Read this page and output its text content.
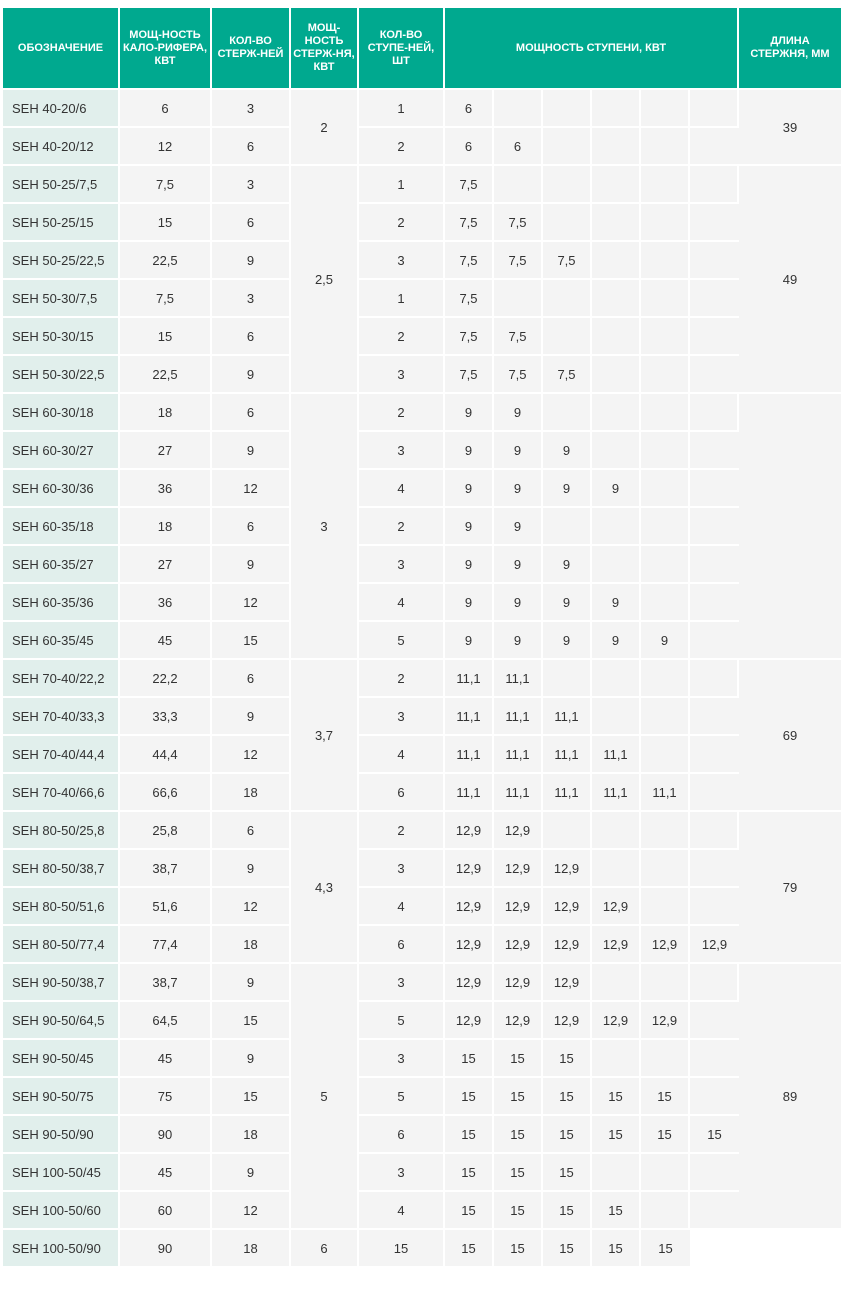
ОБОЗНАЧЕНИЕ	МОЩ-НОСТЬ КАЛО-РИФЕРА, КВТ	КОЛ-ВО СТЕРЖ-НЕЙ	МОЩ-НОСТЬ СТЕРЖ-НЯ, КВТ	КОЛ-ВО СТУПЕ-НЕЙ, ШТ	МОЩНОСТЬ СТУПЕНИ, КВТ						ДЛИНА СТЕРЖНЯ, ММ
SEH 40-20/6	6	3	2	1	6						39
SEH 40-20/12	12	6		2	6	6					
SEH 50-25/7,5	7,5	3	2,5	1	7,5						49
SEH 50-25/15	15	6		2	7,5	7,5					
SEH 50-25/22,5	22,5	9		3	7,5	7,5	7,5				
SEH 50-30/7,5	7,5	3		1	7,5						
SEH 50-30/15	15	6		2	7,5	7,5					
SEH 50-30/22,5	22,5	9		3	7,5	7,5	7,5				
SEH 60-30/18	18	6	3	2	9	9					59
SEH 60-30/27	27	9		3	9	9	9				
SEH 60-30/36	36	12		4	9	9	9	9			
SEH 60-35/18	18	6		2	9	9					
SEH 60-35/27	27	9		3	9	9	9				
SEH 60-35/36	36	12		4	9	9	9	9			
SEH 60-35/45	45	15		5	9	9	9	9	9		
SEH 70-40/22,2	22,2	6	3,7	2	11,1	11,1					69
SEH 70-40/33,3	33,3	9		3	11,1	11,1	11,1				
SEH 70-40/44,4	44,4	12		4	11,1	11,1	11,1	11,1			
SEH 70-40/66,6	66,6	18		6	11,1	11,1	11,1	11,1	11,1		
SEH 80-50/25,8	25,8	6	4,3	2	12,9	12,9					79
SEH 80-50/38,7	38,7	9		3	12,9	12,9	12,9				
SEH 80-50/51,6	51,6	12		4	12,9	12,9	12,9	12,9			
SEH 80-50/77,4	77,4	18		6	12,9	12,9	12,9	12,9	12,9	12,9	
SEH 90-50/38,7	38,7	9	5	3	12,9	12,9	12,9				89
SEH 90-50/64,5	64,5	15		5	12,9	12,9	12,9	12,9	12,9		
SEH 90-50/45	45	9		3	15	15	15				
SEH 90-50/75	75	15		5	15	15	15	15	15		
SEH 90-50/90	90	18		6	15	15	15	15	15	15	
SEH 100-50/45	45	9		3	15	15	15				
SEH 100-50/60	60	12		4	15	15	15	15			
SEH 100-50/90	90	18	6	15	15	15	15	15	15		
